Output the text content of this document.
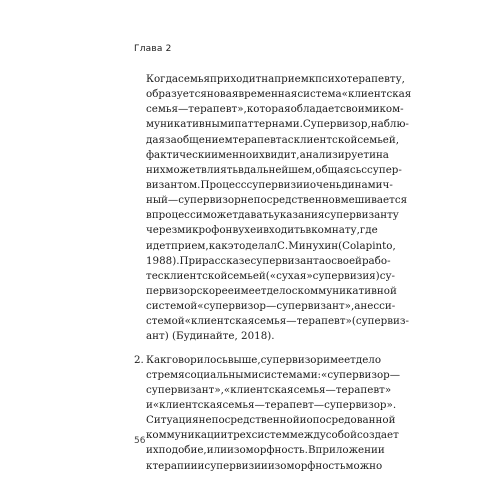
Глава 2
Когда семья приходит на прием к психотерапевту,
образуется новая временная система «клиентская
семья — терапевт», которая обладает своими ком-
муникативными паттернами. Супервизор, наблю-
дая за общением терапевта с клиентской семьей,
фактически именно их видит, анализирует и на
них может влиять в дальнейшем, общаясь с супер-
византом. Процесс супервизии очень динамич-
ный — супервизор непосредственно вмешивается
в процесс и может давать указания супервизанту
через микрофон в ухе и входить в комнату, где
идет прием, как это делал С. Минухин (Colapinto,
1988). При рассказе супервизанта о своей рабо-
те с клиентской семьей («сухая» супервизия) су-
первизор скорее имеет дело с коммуникативной
системой «супервизор — супервизант», а не с си-
стемой «клиентская семья — терапевт» (супервиз-
ант) (Будинайте, 2018).
2. Как говорилось выше, супервизор имеет дело
с тремя социальными системами: «супервизор —
супервизант», «клиентская семья — терапевт»
и «клиентская семья — терапевт — супервизор».
Ситуация непосредственной и опосредованной
коммуникации трех систем между собой создает
их подобие, или изоморфность. В приложении
к терапии и супервизии изоморфность можно
56
